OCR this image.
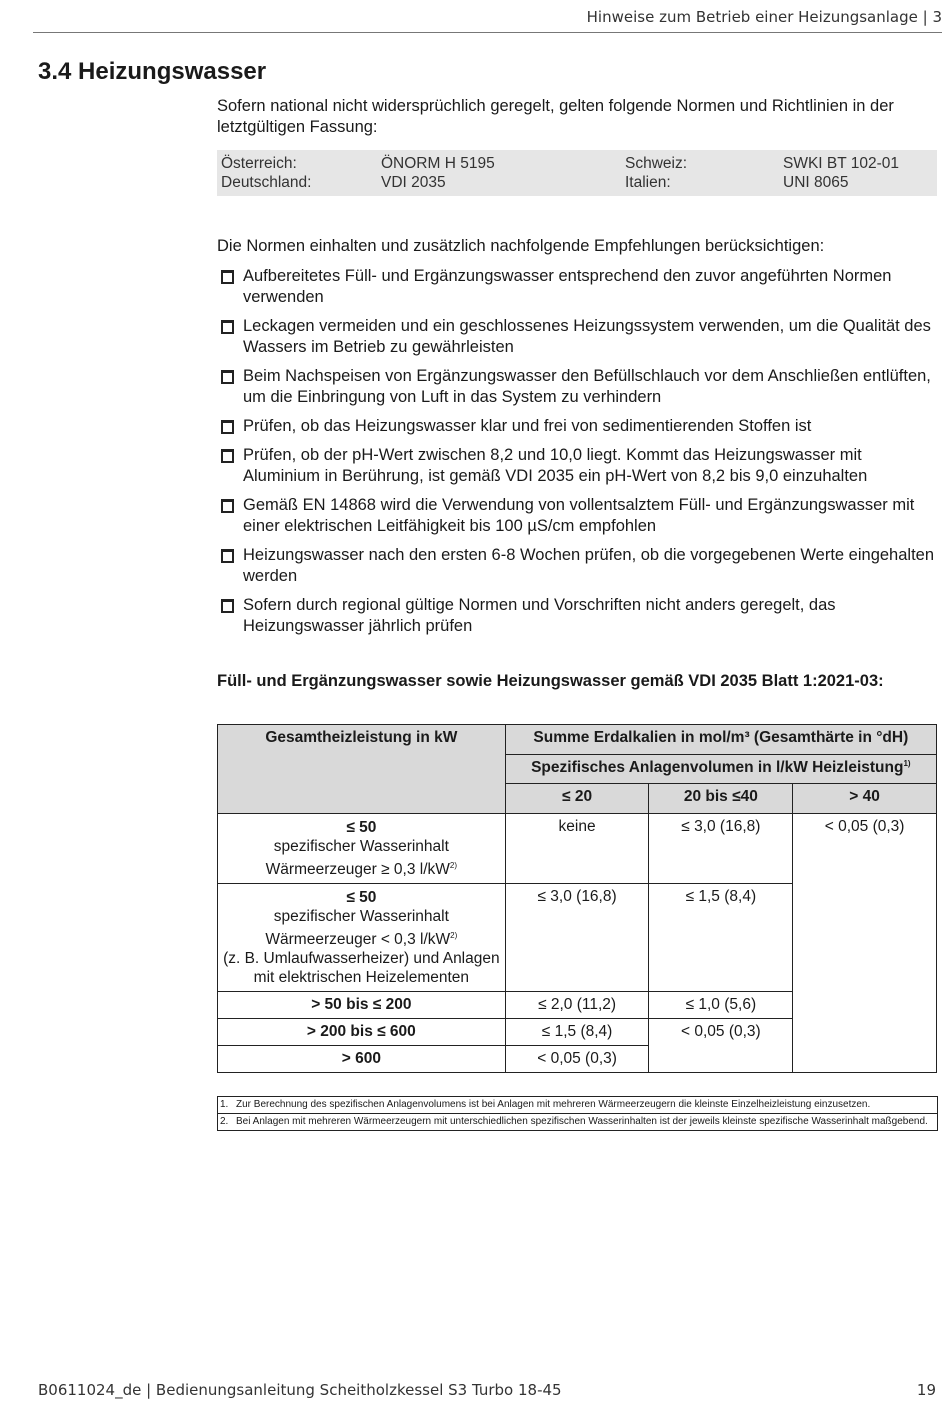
Hinweise zum Betrieb einer Heizungsanlage | 3
3.4 Heizungswasser
Sofern national nicht widersprüchlich geregelt, gelten folgende Normen und Richtlinien in der letztgültigen Fassung:
Österreich:	ÖNORM H 5195
Deutschland:	VDI 2035
Schweiz:	SWKI BT 102-01
Italien:	UNI 8065
Die Normen einhalten und zusätzlich nachfolgende Empfehlungen berücksichtigen:
Aufbereitetes Füll- und Ergänzungswasser entsprechend den zuvor angeführten Normen verwenden
Leckagen vermeiden und ein geschlossenes Heizungssystem verwenden, um die Qualität des Wassers im Betrieb zu gewährleisten
Beim Nachspeisen von Ergänzungswasser den Befüllschlauch vor dem Anschließen entlüften, um die Einbringung von Luft in das System zu verhindern
Prüfen, ob das Heizungswasser klar und frei von sedimentierenden Stoffen ist
Prüfen, ob der pH-Wert zwischen 8,2 und 10,0 liegt. Kommt das Heizungswasser mit Aluminium in Berührung, ist gemäß VDI 2035 ein pH-Wert von 8,2 bis 9,0 einzuhalten
Gemäß EN 14868 wird die Verwendung von vollentsalztem Füll- und Ergänzungswasser mit einer elektrischen Leitfähigkeit bis 100 µS/cm empfohlen
Heizungswasser nach den ersten 6-8 Wochen prüfen, ob die vorgegebenen Werte eingehalten werden
Sofern durch regional gültige Normen und Vorschriften nicht anders geregelt, das Heizungswasser jährlich prüfen
Füll- und Ergänzungswasser sowie Heizungswasser gemäß VDI 2035 Blatt 1:2021-03:
Gesamtheizleistung in kW	Summe Erdalkalien in mol/m³ (Gesamthärte in °dH)		
	Spezifisches Anlagenvolumen in l/kW Heizleistung$^{1)}$
	≤ 20	20 bis ≤40	> 40
≤ 50
spezifischer Wasserinhalt Wärmeerzeuger ≥ 0,3 $l/kW^{2)}$	keine	≤ 3,0 (16,8)	< 0,05 (0,3)
≤ 50
spezifischer Wasserinhalt Wärmeerzeuger < 0,3 $l/kW^{2)}$
(z. B. Umlaufwasserheizer) und Anlagen mit elektrischen Heizelementen	≤ 3,0 (16,8)	≤ 1,5 (8,4)	
> 50 bis ≤ 200	≤ 2,0 (11,2)	≤ 1,0 (5,6)	
> 200 bis ≤ 600	≤ 1,5 (8,4)	< 0,05 (0,3)	
> 600	< 0,05 (0,3)		
1. Zur Berechnung des spezifischen Anlagenvolumens ist bei Anlagen mit mehreren Wärmeerzeugern die kleinste Einzelheizleistung einzusetzen.
2. Bei Anlagen mit mehreren Wärmeerzeugern mit unterschiedlichen spezifischen Wasserinhalten ist der jeweils kleinste spezifische Wasserinhalt maßgebend.
B0611024_de | Bedienungsanleitung Scheitholzkessel S3 Turbo 18-45	19
